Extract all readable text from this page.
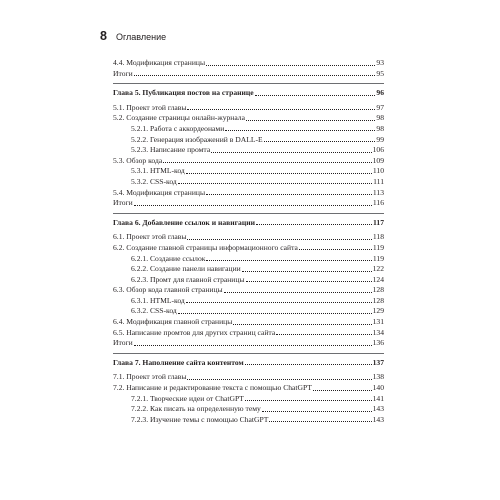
8 Оглавление
4.4. Модификация страницы	93
Итоги	95
Глава 5. Публикация постов на странице	96
5.1. Проект этой главы	97
5.2. Создание страницы онлайн-журнала	98
5.2.1. Работа с аккордеонами	98
5.2.2. Генерация изображений в DALL-E	99
5.2.3. Написание промта	106
5.3. Обзор кода	109
5.3.1. HTML-код	110
5.3.2. CSS-код	111
5.4. Модификация страницы	113
Итоги	116
Глава 6. Добавление ссылок и навигации	117
6.1. Проект этой главы	118
6.2. Создание главной страницы информационного сайта	119
6.2.1. Создание ссылок	119
6.2.2. Создание панели навигации	122
6.2.3. Промт для главной страницы	124
6.3. Обзор кода главной страницы	128
6.3.1. HTML-код	128
6.3.2. CSS-код	129
6.4. Модификация главной страницы	131
6.5. Написание промтов для других страниц сайта	134
Итоги	136
Глава 7. Наполнение сайта контентом	137
7.1. Проект этой главы	138
7.2. Написание и редактирование текста с помощью ChatGPT	140
7.2.1. Творческие идеи от ChatGPT	141
7.2.2. Как писать на определенную тему	143
7.2.3. Изучение темы с помощью ChatGPT	143
